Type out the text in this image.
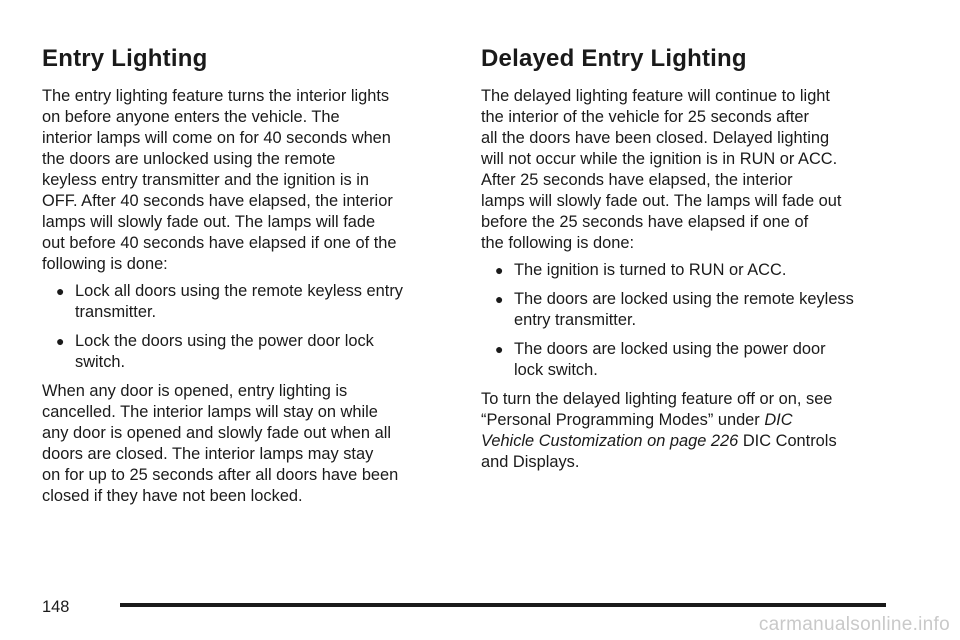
Entry Lighting

The entry lighting feature turns the interior lights
on before anyone enters the vehicle. The
interior lamps will come on for 40 seconds when
the doors are unlocked using the remote
keyless entry transmitter and the ignition is in
OFF. After 40 seconds have elapsed, the interior
lamps will slowly fade out. The lamps will fade
out before 40 seconds have elapsed if one of the
following is done:

● Lock all doors using the remote keyless entry
transmitter.
● Lock the doors using the power door lock
switch.

When any door is opened, entry lighting is
cancelled. The interior lamps will stay on while
any door is opened and slowly fade out when all
doors are closed. The interior lamps may stay
on for up to 25 seconds after all doors have been
closed if they have not been locked.

Delayed Entry Lighting

The delayed lighting feature will continue to light
the interior of the vehicle for 25 seconds after
all the doors have been closed. Delayed lighting
will not occur while the ignition is in RUN or ACC.
After 25 seconds have elapsed, the interior
lamps will slowly fade out. The lamps will fade out
before the 25 seconds have elapsed if one of
the following is done:

● The ignition is turned to RUN or ACC.
● The doors are locked using the remote keyless
entry transmitter.
● The doors are locked using the power door
lock switch.

To turn the delayed lighting feature off or on, see
“Personal Programming Modes” under DIC
Vehicle Customization on page 226 DIC Controls
and Displays.

148
carmanualsonline.info
